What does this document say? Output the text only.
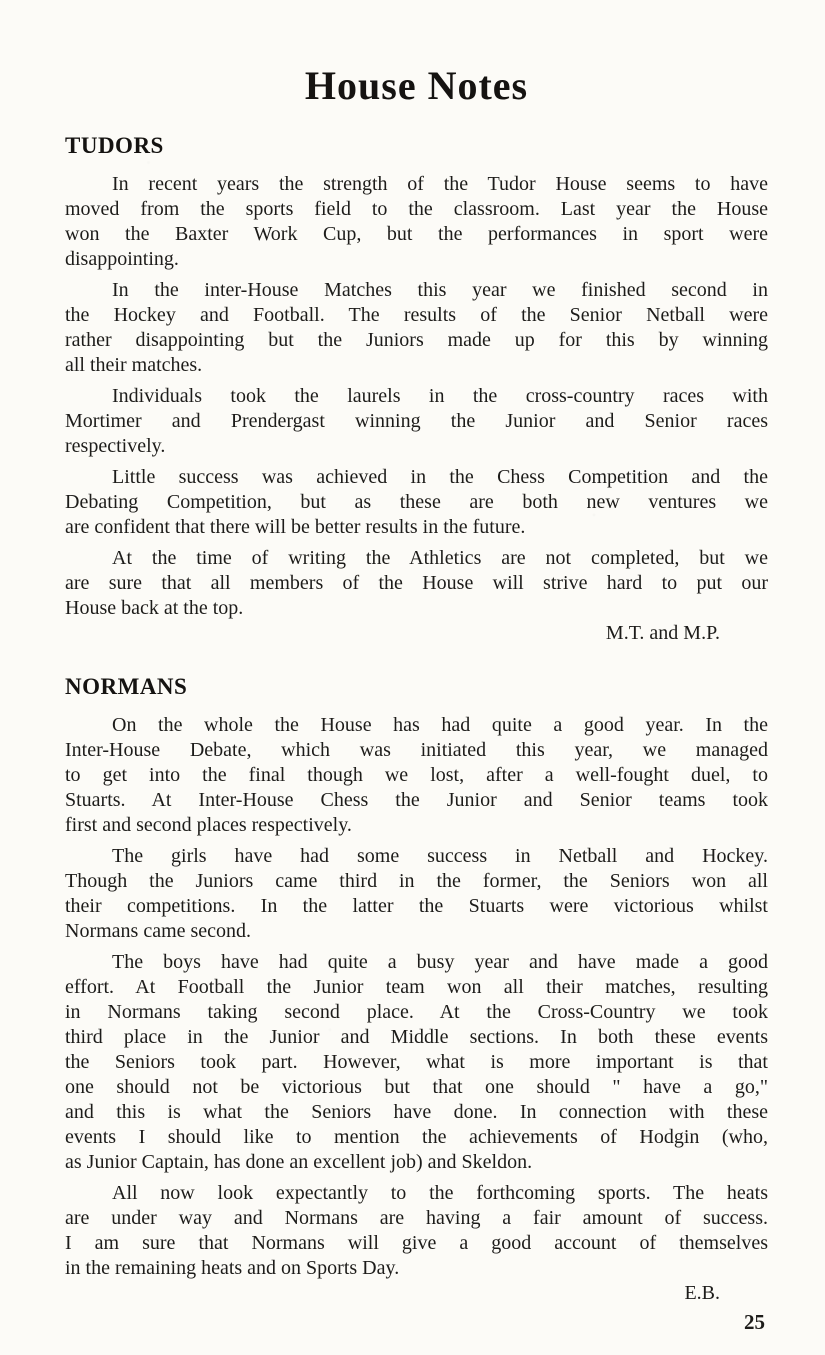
House Notes
TUDORS
In recent years the strength of the Tudor House seems to have
moved from the sports field to the classroom. Last year the House
won the Baxter Work Cup, but the performances in sport were
disappointing.
In the inter-House Matches this year we finished second in
the Hockey and Football. The results of the Senior Netball were
rather disappointing but the Juniors made up for this by winning
all their matches.
Individuals took the laurels in the cross-country races with
Mortimer and Prendergast winning the Junior and Senior races
respectively.
Little success was achieved in the Chess Competition and the
Debating Competition, but as these are both new ventures we
are confident that there will be better results in the future.
At the time of writing the Athletics are not completed, but we
are sure that all members of the House will strive hard to put our
House back at the top.
M.T. and M.P.
NORMANS
On the whole the House has had quite a good year. In the
Inter-House Debate, which was initiated this year, we managed
to get into the final though we lost, after a well-fought duel, to
Stuarts. At Inter-House Chess the Junior and Senior teams took
first and second places respectively.
The girls have had some success in Netball and Hockey.
Though the Juniors came third in the former, the Seniors won all
their competitions. In the latter the Stuarts were victorious whilst
Normans came second.
The boys have had quite a busy year and have made a good
effort. At Football the Junior team won all their matches, resulting
in Normans taking second place. At the Cross-Country we took
third place in the Junior and Middle sections. In both these events
the Seniors took part. However, what is more important is that
one should not be victorious but that one should " have a go,"
and this is what the Seniors have done. In connection with these
events I should like to mention the achievements of Hodgin (who,
as Junior Captain, has done an excellent job) and Skeldon.
All now look expectantly to the forthcoming sports. The heats
are under way and Normans are having a fair amount of success.
I am sure that Normans will give a good account of themselves
in the remaining heats and on Sports Day.
E.B.
25
